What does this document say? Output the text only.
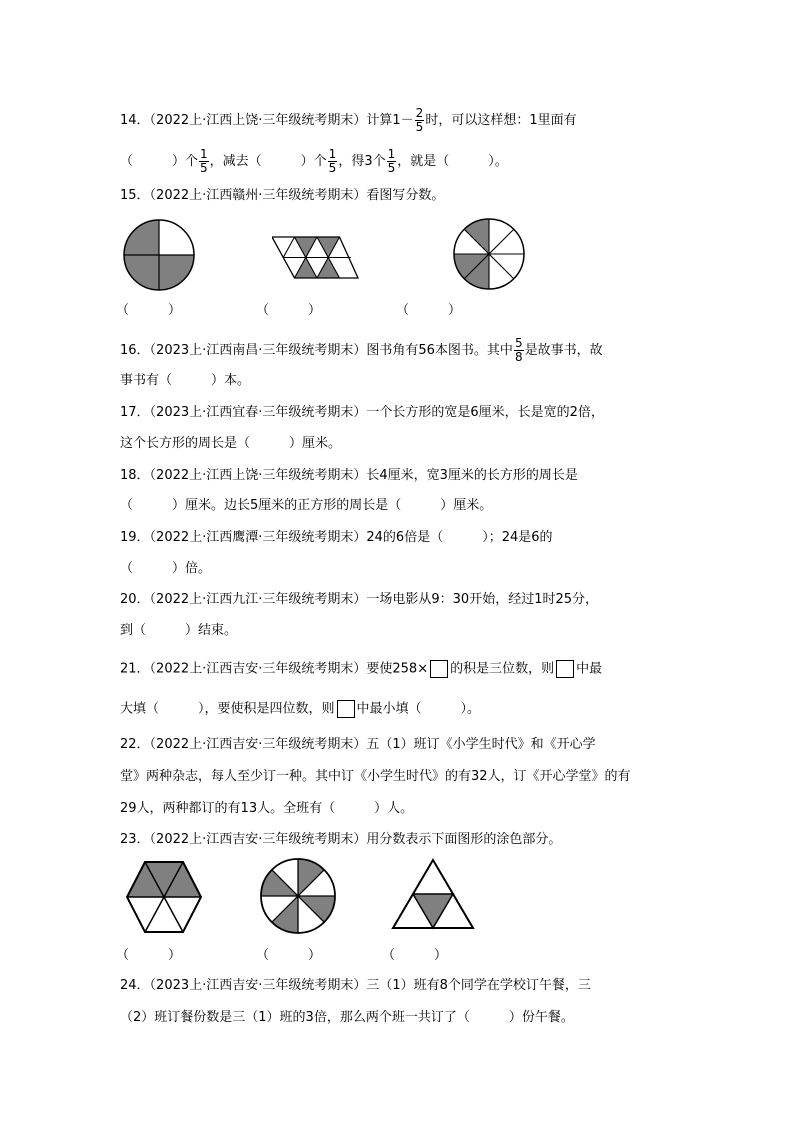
14．（2022上·江西上饶·三年级统考期末）计算$1- \frac{2}{5}$ 时，可以这样想：1里面有
（　　　）个 $\frac{1}{5}$ ，减去（　　　）个 $\frac{1}{5}$ ，得3个 $\frac{1}{5}$ ，就是（　　　）。
15．（2022上·江西赣州·三年级统考期末）看图写分数。
（　　　）	（　　　）	（　　　）
16．（2023上·江西南昌·三年级统考期末）图书角有56本图书。其中 $\frac{5}{8}$ 是故事书，故
事书有（　　　）本。
17．（2023上·江西宜春·三年级统考期末）一个长方形的宽是6厘米，长是宽的2倍，
这个长方形的周长是（　　　）厘米。
18．（2022上·江西上饶·三年级统考期末）长4厘米，宽3厘米的长方形的周长是
（　　　）厘米。边长5厘米的正方形的周长是（　　　）厘米。
19．（2022上·江西鹰潭·三年级统考期末）24的6倍是（　　　）；24是6的
（　　　）倍。
20．（2022上·江西九江·三年级统考期末）一场电影从9：30开始，经过1时25分，
到（　　　）结束。
21．（2022上·江西吉安·三年级统考期末）要使258× 的积是三位数，则 中最
大填（　　　），要使积是四位数，则 中最小填（　　　）。
22．（2022上·江西吉安·三年级统考期末）五（1）班订《小学生时代》和《开心学
堂》两种杂志，每人至少订一种。其中订《小学生时代》的有32人，订《开心学堂》的有
29人，两种都订的有13人。全班有（　　　）人。
23．（2022上·江西吉安·三年级统考期末）用分数表示下面图形的涂色部分。
（　　　）	（　　　）	（　　　）
24．（2023上·江西吉安·三年级统考期末）三（1）班有8个同学在学校订午餐，三
（2）班订餐份数是三（1）班的3倍，那么两个班一共订了（　　　）份午餐。
